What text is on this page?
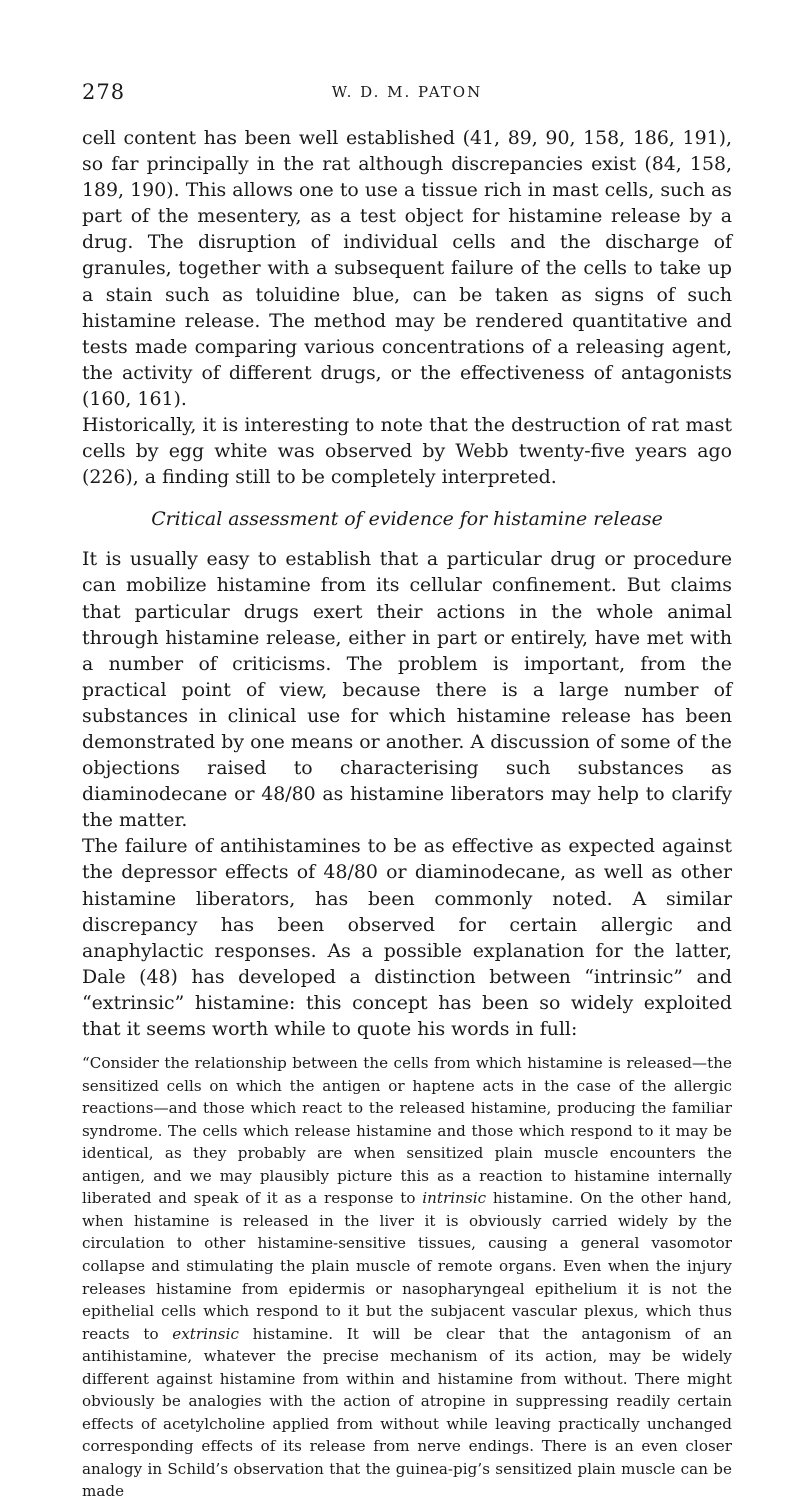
278	W. D. M. PATON

cell content has been well established (41, 89, 90, 158, 186, 191), so far principally in the rat although discrepancies exist (84, 158, 189, 190). This allows one to use a tissue rich in mast cells, such as part of the mesentery, as a test object for histamine release by a drug. The disruption of individual cells and the discharge of granules, together with a subsequent failure of the cells to take up a stain such as toluidine blue, can be taken as signs of such histamine release. The method may be rendered quantitative and tests made comparing various concentrations of a releasing agent, the activity of different drugs, or the effectiveness of antagonists (160, 161).

Historically, it is interesting to note that the destruction of rat mast cells by egg white was observed by Webb twenty-five years ago (226), a finding still to be completely interpreted.

Critical assessment of evidence for histamine release

It is usually easy to establish that a particular drug or procedure can mobilize histamine from its cellular confinement. But claims that particular drugs exert their actions in the whole animal through histamine release, either in part or entirely, have met with a number of criticisms. The problem is important, from the practical point of view, because there is a large number of substances in clinical use for which histamine release has been demonstrated by one means or another. A discussion of some of the objections raised to characterising such substances as diaminodecane or 48/80 as histamine liberators may help to clarify the matter.

The failure of antihistamines to be as effective as expected against the depressor effects of 48/80 or diaminodecane, as well as other histamine liberators, has been commonly noted. A similar discrepancy has been observed for certain allergic and anaphylactic responses. As a possible explanation for the latter, Dale (48) has developed a distinction between “intrinsic” and “extrinsic” histamine: this concept has been so widely exploited that it seems worth while to quote his words in full:

“Consider the relationship between the cells from which histamine is released—the sensitized cells on which the antigen or haptene acts in the case of the allergic reactions—and those which react to the released histamine, producing the familiar syndrome. The cells which release histamine and those which respond to it may be identical, as they probably are when sensitized plain muscle encounters the antigen, and we may plausibly picture this as a reaction to histamine internally liberated and speak of it as a response to intrinsic histamine. On the other hand, when histamine is released in the liver it is obviously carried widely by the circulation to other histamine-sensitive tissues, causing a general vasomotor collapse and stimulating the plain muscle of remote organs. Even when the injury releases histamine from epidermis or nasopharyngeal epithelium it is not the epithelial cells which respond to it but the subjacent vascular plexus, which thus reacts to extrinsic histamine. It will be clear that the antagonism of an antihistamine, whatever the precise mechanism of its action, may be widely different against histamine from within and histamine from without. There might obviously be analogies with the action of atropine in suppressing readily certain effects of acetylcholine applied from without while leaving practically unchanged corresponding effects of its release from nerve endings. There is an even closer analogy in Schild’s observation that the guinea-pig’s sensitized plain muscle can be made
